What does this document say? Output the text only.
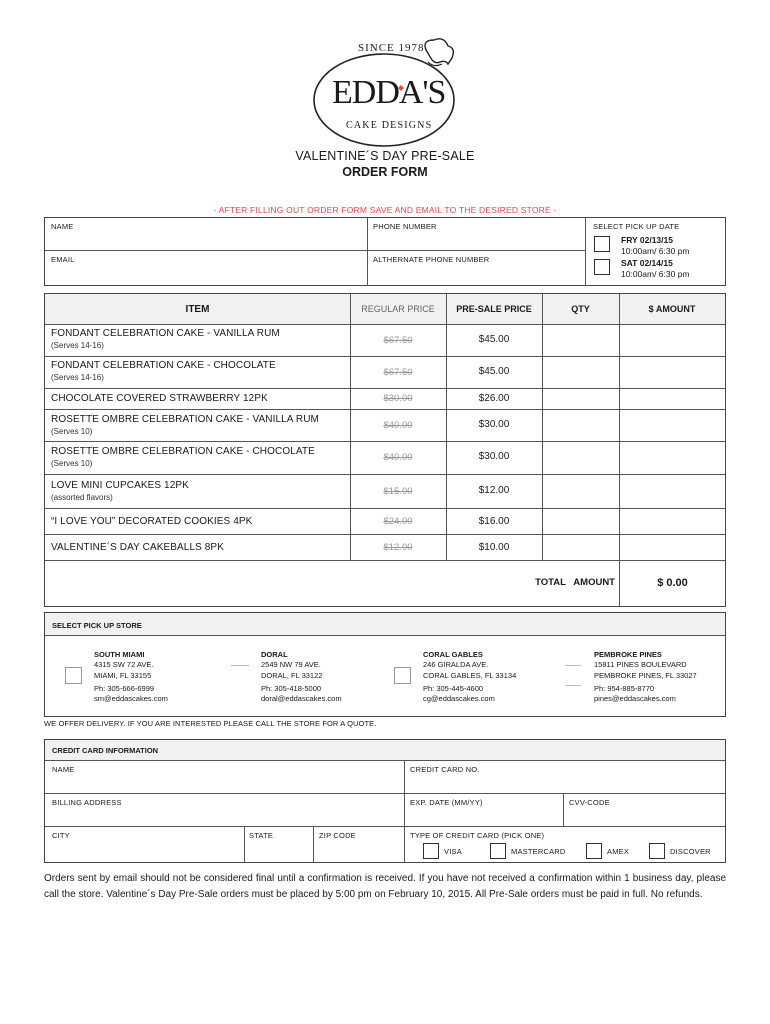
SINCE 1978
EDDA'S
CAKE DESIGNS
VALENTINE´S DAY PRE-SALE
ORDER FORM
- AFTER FILLING OUT ORDER FORM SAVE AND EMAIL TO THE DESIRED STORE -
NAME	PHONE NUMBER
EMAIL	ALTHERNATE PHONE NUMBER
SELECT PICK UP DATE
FRY 02/13/15
10:00am/ 6:30 pm
SAT 02/14/15
10:00am/ 6:30 pm
ITEM	REGULAR PRICE	PRE-SALE PRICE	QTY	$ AMOUNT
FONDANT CELEBRATION CAKE - VANILLA RUM
(Serves 14-16)	$67.50	$45.00
FONDANT CELEBRATION CAKE - CHOCOLATE
(Serves 14-16)	$67.50	$45.00
CHOCOLATE COVERED STRAWBERRY 12PK	$30.00	$26.00
ROSETTE OMBRE CELEBRATION CAKE - VANILLA RUM
(Serves 10)
$40.00	$30.00
ROSETTE OMBRE CELEBRATION CAKE - CHOCOLATE
(Serves 10)
$40.00	$30.00
LOVE MINI CUPCAKES 12PK
(assorted flavors)
$15.00	$12.00
“I LOVE YOU” DECORATED COOKIES 4PK	$24.00	$16.00
VALENTINE´S DAY CAKEBALLS 8PK	$12.00	$10.00
TOTAL   AMOUNT	$ 0.00
SELECT PICK UP STORE
SOUTH MIAMI
4315 SW 72 AVE.
MIAMI, FL 33155
Ph: 305-666-6999
sm@eddascakes.com
DORAL
2549 NW 79 AVE.
DORAL, FL 33122
Ph: 305-418-5000
doral@eddascakes.com
CORAL GABLES
246 GIRALDA AVE.
CORAL GABLES, FL 33134
Ph: 305-445-4600
cg@eddascakes.com
PEMBROKE PINES
15811 PINES BOULEVARD
PEMBROKE PINES, FL 33027
Ph: 954-885-8770
pines@eddascakes.com
WE OFFER DELIVERY. IF YOU ARE INTERESTED PLEASE CALL THE STORE FOR A QUOTE.
CREDIT CARD INFORMATION
NAME	CREDIT CARD NO.
BILLING ADDRESS	EXP. DATE (MM/YY)	CVV-CODE
CITY	STATE	ZIP CODE	TYPE OF CREDIT CARD (PICK ONE)
VISA	MASTERCARD	AMEX	DISCOVER
Orders sent by email should not be considered final until a confirmation is received. If you have not received a confirmation within 1 business day, please call the store. Valentine´s Day Pre-Sale orders must be placed by 5:00 pm on February 10, 2015. All Pre-Sale orders must be paid in full. No refunds.
